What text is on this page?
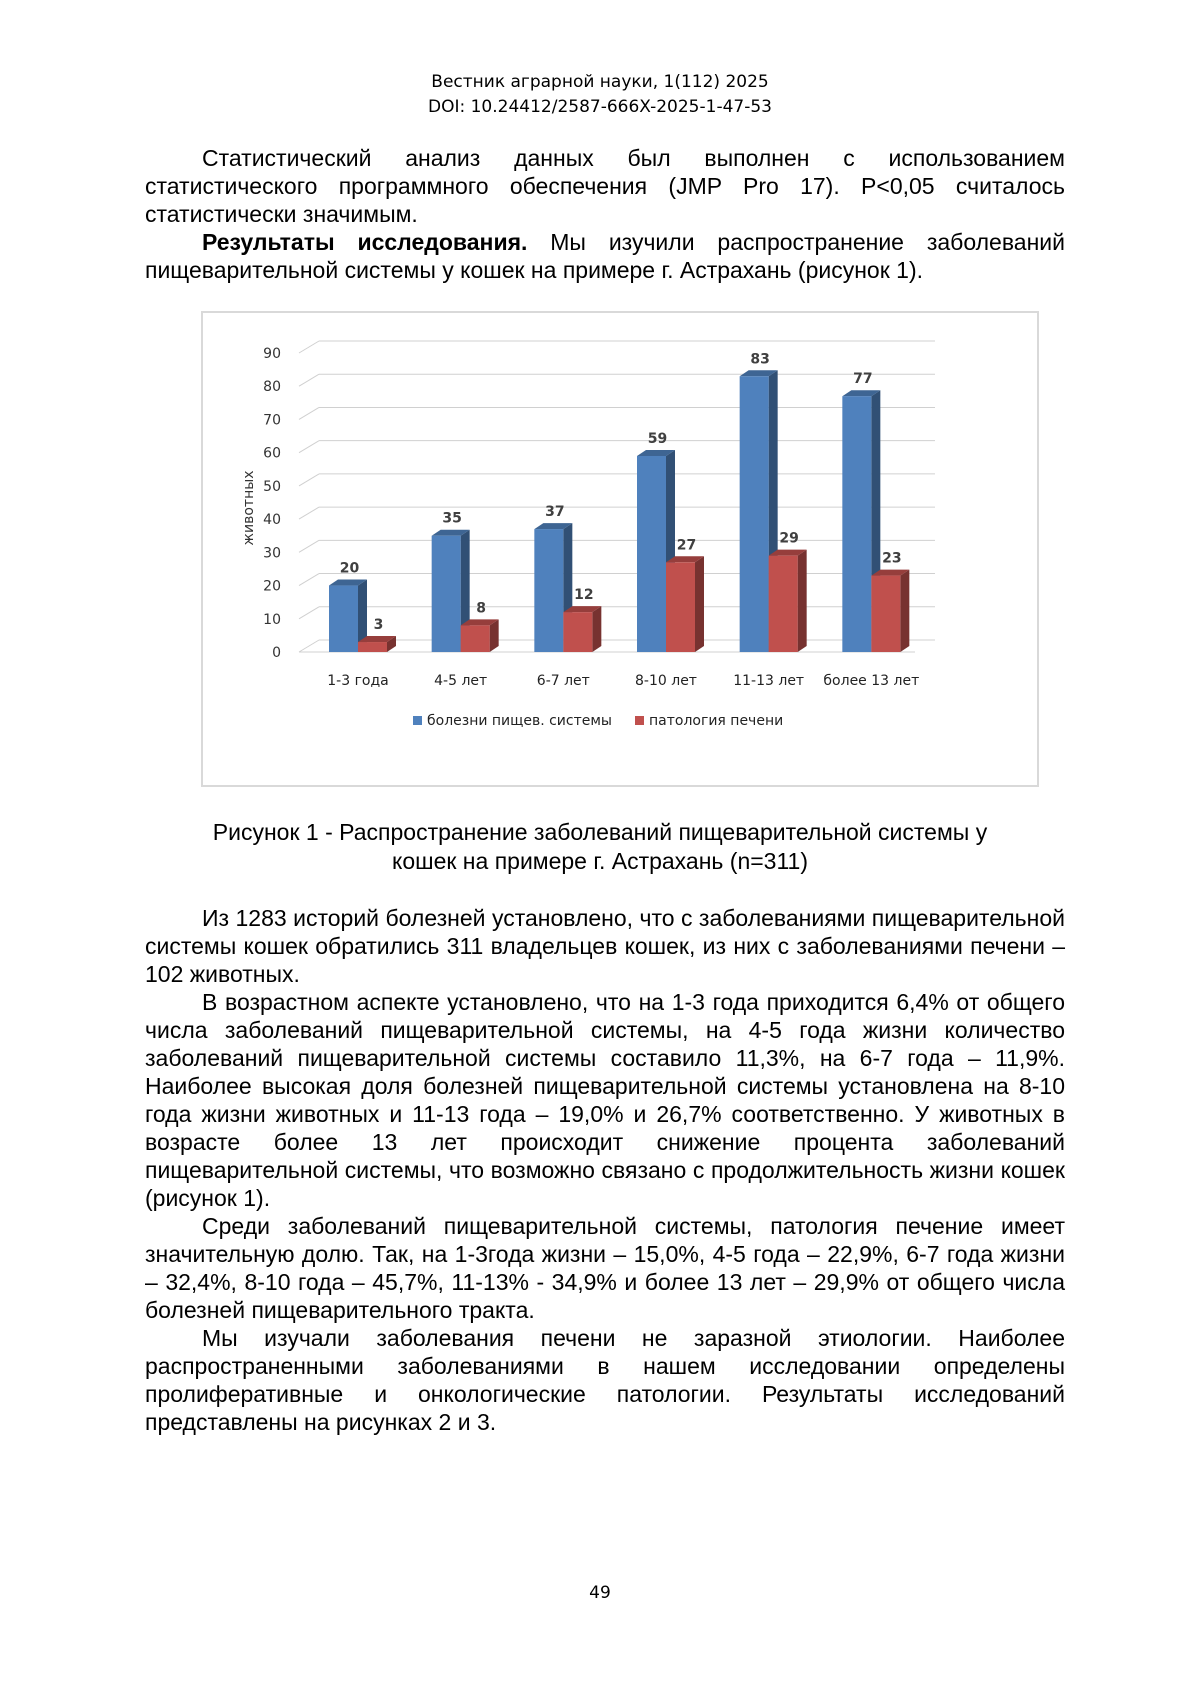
Вестник аграрной науки, 1(112) 2025
DOI: 10.24412/2587-666X-2025-1-47-53

Статистический анализ данных был выполнен с использованием статистического программного обеспечения (JMP Pro 17). Р<0,05 считалось статистически значимым.

Результаты исследования. Мы изучили распространение заболеваний пищеварительной системы у кошек на примере г. Астрахань (рисунок 1).

0
10
20
30
40
50
60
70
80
90
животных
20
3
35
8
37
12
59
27
83
29
77
23
1-3 года	4-5 лет	6-7 лет	8-10 лет	11-13 лет более 13 лет
болезни пищев. системы	патология печени
Рисунок 1 - Распространение заболеваний пищеварительной системы у
кошек на примере г. Астрахань (n=311)

Из 1283 историй болезней установлено, что с заболеваниями пищеварительной системы кошек обратились 311 владельцев кошек, из них с заболеваниями печени – 102 животных.

В возрастном аспекте установлено, что на 1-3 года приходится 6,4% от общего числа заболеваний пищеварительной системы, на 4-5 года жизни количество заболеваний пищеварительной системы составило 11,3%, на 6-7 года – 11,9%. Наиболее высокая доля болезней пищеварительной системы установлена на 8-10 года жизни животных и 11-13 года – 19,0% и 26,7% соответственно. У животных в возрасте более 13 лет происходит снижение процента заболеваний пищеварительной системы, что возможно связано с продолжительность жизни кошек (рисунок 1).

Среди заболеваний пищеварительной системы, патология печение имеет значительную долю. Так, на 1-3года жизни – 15,0%, 4-5 года – 22,9%, 6-7 года жизни – 32,4%, 8-10 года – 45,7%, 11-13% - 34,9% и более 13 лет – 29,9% от общего числа болезней пищеварительного тракта.

Мы изучали заболевания печени не заразной этиологии. Наиболее распространенными заболеваниями в нашем исследовании определены пролиферативные и онкологические патологии. Результаты исследований представлены на рисунках 2 и 3.

49
